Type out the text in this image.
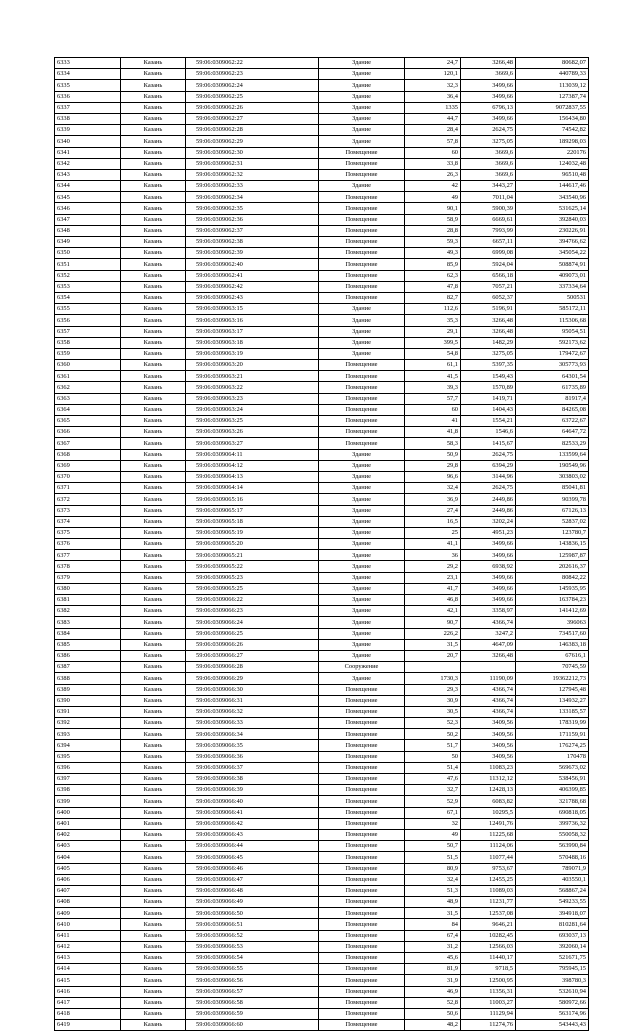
6333	Казань	59:06:0309062:22	Здание	24,7	3266,48	80682,07
6334	Казань	59:06:0309062:23	Здание	120,1	3669,6	440789,33
6335	Казань	59:06:0309062:24	Здание	32,3	3499,66	113039,12
6336	Казань	59:06:0309062:25	Здание	36,4	3499,66	127387,74
6337	Казань	59:06:0309062:26	Здание	1335	6796,13	9072837,55
6338	Казань	59:06:0309062:27	Здание	44,7	3499,66	156434,80
6339	Казань	59:06:0309062:28	Здание	28,4	2624,75	74542,82
6340	Казань	59:06:0309062:29	Здание	57,8	3275,05	189298,03
6341	Казань	59:06:0309062:30	Помещение	60	3669,6	220176
6342	Казань	59:06:0309062:31	Помещение	33,8	3669,6	124032,48
6343	Казань	59:06:0309062:32	Помещение	26,3	3669,6	96510,48
6344	Казань	59:06:0309062:33	Здание	42	3443,27	144617,46
6345	Казань	59:06:0309062:34	Помещение	49	7011,04	343540,96
6346	Казань	59:06:0309062:35	Помещение	90,1	5900,39	531625,14
6347	Казань	59:06:0309062:36	Помещение	58,9	6669,61	392840,03
6348	Казань	59:06:0309062:37	Помещение	28,8	7993,99	230226,91
6349	Казань	59:06:0309062:38	Помещение	59,3	6657,11	394766,62
6350	Казань	59:06:0309062:39	Помещение	49,3	6999,08	345054,22
6351	Казань	59:06:0309062:40	Помещение	85,9	5924,04	508874,91
6352	Казань	59:06:0309062:41	Помещение	62,3	6566,18	409073,01
6353	Казань	59:06:0309062:42	Помещение	47,8	7057,21	337334,64
6354	Казань	59:06:0309062:43	Помещение	82,7	6052,37	500531
6355	Казань	59:06:0309063:15	Здание	112,6	5196,91	585172,11
6356	Казань	59:06:0309063:16	Здание	35,3	3266,48	115306,68
6357	Казань	59:06:0309063:17	Здание	29,1	3266,48	95054,51
6358	Казань	59:06:0309063:18	Здание	399,5	1482,29	592173,62
6359	Казань	59:06:0309063:19	Здание	54,8	3275,05	179472,67
6360	Казань	59:06:0309063:20	Помещение	61,1	5397,35	305773,93
6361	Казань	59:06:0309063:21	Помещение	41,5	1549,43	64301,54
6362	Казань	59:06:0309063:22	Помещение	39,3	1570,89	61735,89
6363	Казань	59:06:0309063:23	Помещение	57,7	1419,71	81917,4
6364	Казань	59:06:0309063:24	Помещение	60	1404,43	84265,08
6365	Казань	59:06:0309063:25	Помещение	41	1554,21	63722,67
6366	Казань	59:06:0309063:26	Помещение	41,8	1546,6	64647,72
6367	Казань	59:06:0309063:27	Помещение	58,3	1415,67	82533,29
6368	Казань	59:06:0309064:11	Здание	50,9	2624,75	133599,64
6369	Казань	59:06:0309064:12	Здание	29,8	6394,29	190549,96
6370	Казань	59:06:0309064:13	Здание	96,6	3144,96	303803,02
6371	Казань	59:06:0309064:14	Здание	32,4	2624,75	85041,81
6372	Казань	59:06:0309065:16	Здание	36,9	2449,86	90399,78
6373	Казань	59:06:0309065:17	Здание	27,4	2449,86	67126,13
6374	Казань	59:06:0309065:18	Здание	16,5	3202,24	52837,02
6375	Казань	59:06:0309065:19	Здание	25	4951,23	123780,7
6376	Казань	59:06:0309065:20	Здание	41,1	3499,66	143836,15
6377	Казань	59:06:0309065:21	Здание	36	3499,66	125987,87
6378	Казань	59:06:0309065:22	Здание	29,2	6938,92	202616,37
6379	Казань	59:06:0309065:23	Здание	23,1	3499,66	80842,22
6380	Казань	59:06:0309065:25	Здание	41,7	3499,66	145935,95
6381	Казань	59:06:0309066:22	Здание	46,8	3499,66	163784,23
6382	Казань	59:06:0309066:23	Здание	42,1	3358,97	141412,69
6383	Казань	59:06:0309066:24	Здание	90,7	4366,74	396063
6384	Казань	59:06:0309066:25	Здание	226,2	3247,2	734517,60
6385	Казань	59:06:0309066:26	Здание	31,5	4647,09	146383,18
6386	Казань	59:06:0309066:27	Здание	20,7	3266,48	67616,1
6387	Казань	59:06:0309066:28	Сооружение			70745,59
6388	Казань	59:06:0309066:29	Здание	1730,3	11190,09	19362212,73
6389	Казань	59:06:0309066:30	Помещение	29,3	4366,74	127945,48
6390	Казань	59:06:0309066:31	Помещение	30,9	4366,74	134932,27
6391	Казань	59:06:0309066:32	Помещение	30,5	4366,74	133185,57
6392	Казань	59:06:0309066:33	Помещение	52,3	3409,56	178319,99
6393	Казань	59:06:0309066:34	Помещение	50,2	3409,56	171159,91
6394	Казань	59:06:0309066:35	Помещение	51,7	3409,56	176274,25
6395	Казань	59:06:0309066:36	Помещение	50	3409,56	170478
6396	Казань	59:06:0309066:37	Помещение	51,4	11083,23	569673,02
6397	Казань	59:06:0309066:38	Помещение	47,6	11312,12	538456,91
6398	Казань	59:06:0309066:39	Помещение	32,7	12428,13	406399,85
6399	Казань	59:06:0309066:40	Помещение	52,9	6083,82	321788,68
6400	Казань	59:06:0309066:41	Помещение	67,1	10295,5	690818,05
6401	Казань	59:06:0309066:42	Помещение	32	12491,76	399736,32
6402	Казань	59:06:0309066:43	Помещение	49	11225,68	550058,32
6403	Казань	59:06:0309066:44	Помещение	50,7	11124,06	563990,84
6404	Казань	59:06:0309066:45	Помещение	51,5	11077,44	570488,16
6405	Казань	59:06:0309066:46	Помещение	80,9	9753,67	789071,9
6406	Казань	59:06:0309066:47	Помещение	32,4	12455,25	403550,1
6407	Казань	59:06:0309066:48	Помещение	51,3	11089,03	568867,24
6408	Казань	59:06:0309066:49	Помещение	48,9	11231,77	549233,55
6409	Казань	59:06:0309066:50	Помещение	31,5	12537,08	394918,07
6410	Казань	59:06:0309066:51	Помещение	84	9646,21	810281,64
6411	Казань	59:06:0309066:52	Помещение	67,4	10282,45	693037,13
6412	Казань	59:06:0309066:53	Помещение	31,2	12566,03	392060,14
6413	Казань	59:06:0309066:54	Помещение	45,6	11440,17	521671,75
6414	Казань	59:06:0309066:55	Помещение	81,9	9718,5	795945,15
6415	Казань	59:06:0309066:56	Помещение	31,9	12500,95	398780,3
6416	Казань	59:06:0309066:57	Помещение	46,9	11356,31	532610,94
6417	Казань	59:06:0309066:58	Помещение	52,8	11003,27	580972,66
6418	Казань	59:06:0309066:59	Помещение	50,6	11129,94	563174,96
6419	Казань	59:06:0309066:60	Помещение	48,2	11274,76	543443,43
